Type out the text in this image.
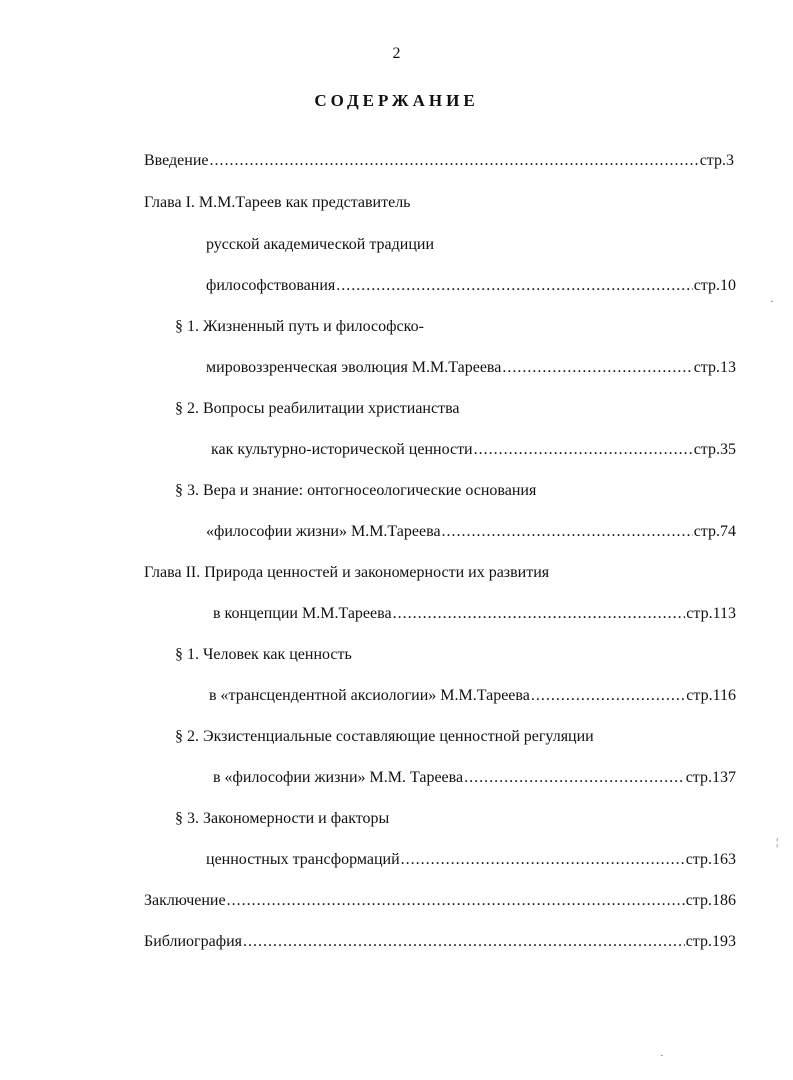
2
СОДЕРЖАНИЕ
Введение .....	стр.3
Глава I. М.М.Тареев как представитель
русской академической традиции
философствования .....	стр.10
§ 1. Жизненный путь и философско-
мировоззренческая эволюция М.М.Тареева .....	стр.13
§ 2. Вопросы реабилитации христианства
как культурно-исторической ценности .....	стр.35
§ 3. Вера и знание: онтогносеологические основания
«философии жизни» М.М.Тареева .....	стр.74
Глава II. Природа ценностей и закономерности их развития
в концепции М.М.Тареева .....	стр.113
§ 1. Человек как ценность
в «трансцендентной аксиологии» М.М.Тареева .....	стр.116
§ 2. Экзистенциальные составляющие ценностной регуляции
в «философии жизни» М.М. Тареева .....	стр.137
§ 3. Закономерности и факторы
ценностных трансформаций .....	стр.163
Заключение .....	стр.186
Библиография .....	стр.193
·
¦
·
